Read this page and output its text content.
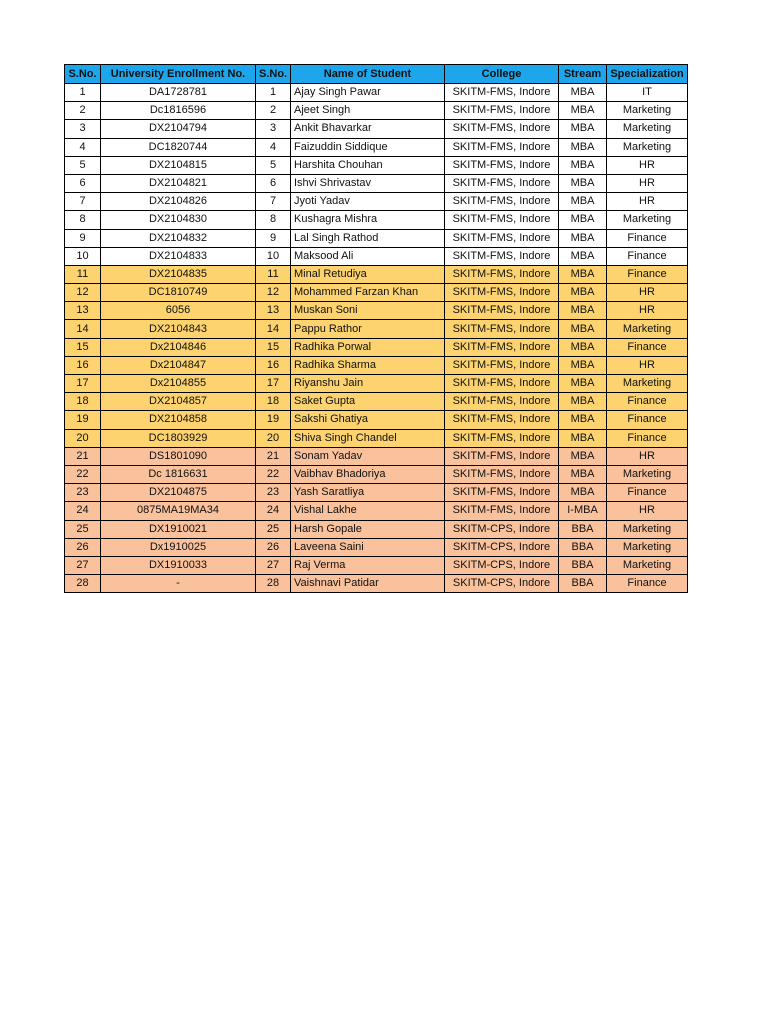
S.No.	University Enrollment No.	S.No.	Name of Student	College	Stream	Specialization
1	DA1728781	1	Ajay Singh Pawar	SKITM-FMS, Indore	MBA	IT
2	Dc1816596	2	Ajeet Singh	SKITM-FMS, Indore	MBA	Marketing
3	DX2104794	3	Ankit Bhavarkar	SKITM-FMS, Indore	MBA	Marketing
4	DC1820744	4	Faizuddin Siddique	SKITM-FMS, Indore	MBA	Marketing
5	DX2104815	5	Harshita Chouhan	SKITM-FMS, Indore	MBA	HR
6	DX2104821	6	Ishvi Shrivastav	SKITM-FMS, Indore	MBA	HR
7	DX2104826	7	Jyoti Yadav	SKITM-FMS, Indore	MBA	HR
8	DX2104830	8	Kushagra Mishra	SKITM-FMS, Indore	MBA	Marketing
9	DX2104832	9	Lal Singh Rathod	SKITM-FMS, Indore	MBA	Finance
10	DX2104833	10	Maksood Ali	SKITM-FMS, Indore	MBA	Finance
11	DX2104835	11	Minal Retudiya	SKITM-FMS, Indore	MBA	Finance
12	DC1810749	12	Mohammed Farzan Khan	SKITM-FMS, Indore	MBA	HR
13	6056	13	Muskan Soni	SKITM-FMS, Indore	MBA	HR
14	DX2104843	14	Pappu Rathor	SKITM-FMS, Indore	MBA	Marketing
15	Dx2104846	15	Radhika Porwal	SKITM-FMS, Indore	MBA	Finance
16	Dx2104847	16	Radhika Sharma	SKITM-FMS, Indore	MBA	HR
17	Dx2104855	17	Riyanshu Jain	SKITM-FMS, Indore	MBA	Marketing
18	DX2104857	18	Saket Gupta	SKITM-FMS, Indore	MBA	Finance
19	DX2104858	19	Sakshi Ghatiya	SKITM-FMS, Indore	MBA	Finance
20	DC1803929	20	Shiva Singh Chandel	SKITM-FMS, Indore	MBA	Finance
21	DS1801090	21	Sonam Yadav	SKITM-FMS, Indore	MBA	HR
22	Dc 1816631	22	Vaibhav Bhadoriya	SKITM-FMS, Indore	MBA	Marketing
23	DX2104875	23	Yash Saratliya	SKITM-FMS, Indore	MBA	Finance
24	0875MA19MA34	24	Vishal Lakhe	SKITM-FMS, Indore	I-MBA	HR
25	DX1910021	25	Harsh Gopale	SKITM-CPS, Indore	BBA	Marketing
26	Dx1910025	26	Laveena Saini	SKITM-CPS, Indore	BBA	Marketing
27	DX1910033	27	Raj Verma	SKITM-CPS, Indore	BBA	Marketing
28	-	28	Vaishnavi Patidar	SKITM-CPS, Indore	BBA	Finance
